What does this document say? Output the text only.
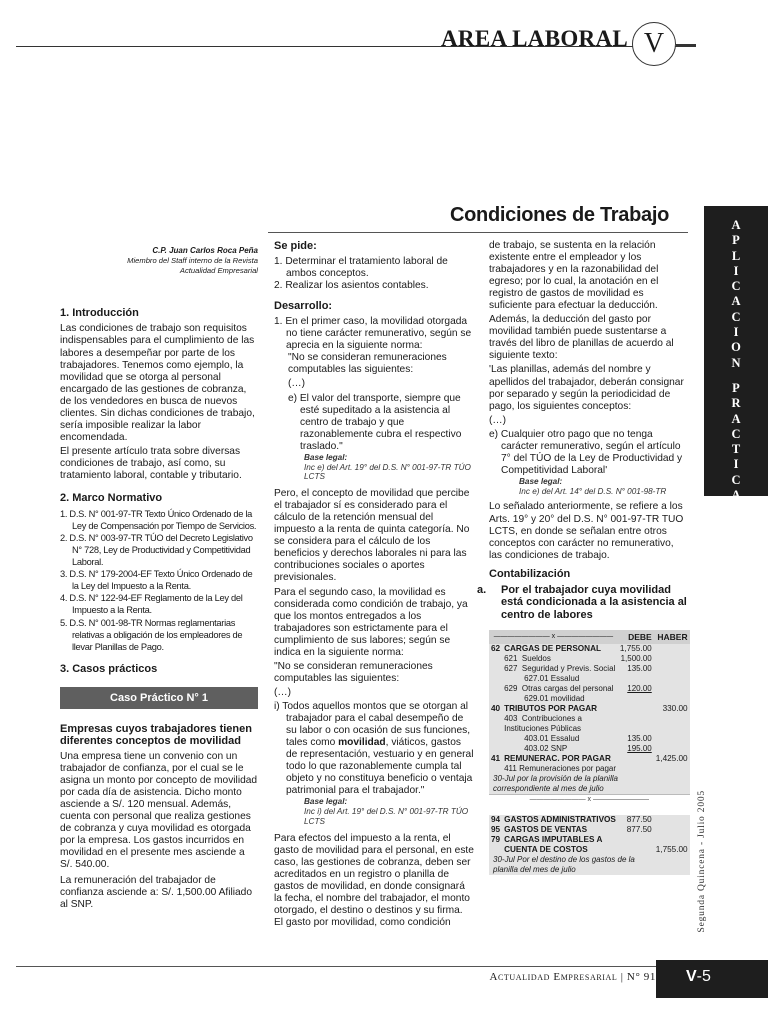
AREA LABORAL V
Condiciones de Trabajo	A
P
L
I
C
A
C
I
O
N
P
R
A
C
T
I
C
A
Segunda Quincena - Julio 2005
C.P. Juan Carlos Roca Peña
Miembro del Staff interno de la Revista Actualidad Empresarial
1. Introducción

Las condiciones de trabajo son requisitos indispensables para el cumplimiento de las labores a desempeñar por parte de los trabajadores. Tenemos como ejemplo, la movilidad que se otorga al personal encargado de las gestiones de cobranza, de los vendedores en busca de nuevos clientes. Sin dichas condiciones de trabajo, sería imposible realizar la labor encomendada.

El presente artículo trata sobre diversas condiciones de trabajo, así como, su tratamiento laboral, contable y tributario.

2. Marco Normativo
1. D.S. N° 001-97-TR Texto Único Ordenado de la Ley de Compensación por Tiempo de Servicios.
2. D.S. N° 003-97-TR TÚO del Decreto Legislativo N° 728, Ley de Productividad y Competitividad Laboral.
3. D.S. N° 179-2004-EF Texto Único Ordenado de la Ley del Impuesto a la Renta.
4. D.S. N° 122-94-EF Reglamento de la Ley del Impuesto a la Renta.
5. D.S. N° 001-98-TR Normas reglamentarias relativas a obligación de los empleadores de llevar Planillas de Pago.
3. Casos prácticos
Caso Práctico N° 1
Empresas cuyos trabajadores tienen diferentes conceptos de movilidad

Una empresa tiene un convenio con un trabajador de confianza, por el cual se le asigna un monto por concepto de movilidad por cada día de asistencia. Dicho monto asciende a S/. 120 mensual. Además, cuenta con personal que realiza gestiones de cobranza y cuya movilidad es otorgada por la empresa. Los gastos incurridos en movilidad en el presente mes asciende a S/. 540.00.

La remuneración del trabajador de confianza asciende a: S/. 1,500.00 Afiliado al SNP.

Se pide:
1. Determinar el tratamiento laboral de ambos conceptos.
2. Realizar los asientos contables.
Desarrollo:
1. En el primer caso, la movilidad otorgada no tiene carácter remunerativo, según se aprecia en la siguiente norma:

"No se consideran remuneraciones computables las siguientes:

(…)

e) El valor del transporte, siempre que esté supeditado a la asistencia al centro de trabajo y que razonablemente cubra el respectivo traslado."
Base legal:
Inc e) del Art. 19° del D.S. N° 001-97-TR TÚO LCTS

Pero, el concepto de movilidad que percibe el trabajador sí es considerado para el cálculo de la retención mensual del impuesto a la renta de quinta categoría. No se considera para el cálculo de los beneficios y derechos laborales ni para las contribuciones sociales o aportes previsionales.

Para el segundo caso, la movilidad es considerada como condición de trabajo, ya que los montos entregados a los trabajadores son estrictamente para el cumplimiento de sus labores; según se indica en la siguiente norma:

"No se consideran remuneraciones computables las siguientes:

(…)

i) Todos aquellos montos que se otorgan al trabajador para el cabal desempeño de su labor o con ocasión de sus funciones, tales como movilidad, viáticos, gastos de representación, vestuario y en general todo lo que razonablemente cumpla tal objeto y no constituya beneficio o ventaja patrimonial para el trabajador."
Base legal:
Inc i) del Art. 19° del D.S. N° 001-97-TR TÚO LCTS

Para efectos del impuesto a la renta, el gasto de movilidad para el personal, en este caso, las gestiones de cobranza, deben ser acreditados en un registro o planilla de gastos de movilidad, en donde consignará la fecha, el nombre del trabajador, el monto otorgado, el destino o destinos y su firma. El gasto por movilidad, como condición

de trabajo, se sustenta en la relación existente entre el empleador y los trabajadores y en la razonabilidad del egreso; por lo cual, la anotación en el registro de gastos de movilidad es suficiente para efectuar la deducción.

Además, la deducción del gasto por movilidad también puede sustentarse a través del libro de planillas de acuerdo al siguiente texto:

'Las planillas, además del nombre y apellidos del trabajador, deberán consignar por separado y según la periodicidad de pago, los siguientes conceptos:

(…)

e) Cualquier otro pago que no tenga carácter remunerativo, según el artículo 7° del TÚO de la Ley de Productividad y Competitividad Laboral'
Base legal:
Inc e) del Art. 14° del D.S. N° 001-98-TR

Lo señalado anteriormente, se refiere a los Arts. 19° y 20° del D.S. N° 001-97-TR TUO LCTS, en donde se señalan entre otros conceptos con carácter no remunerativo, las condiciones de trabajo.

Contabilización
a. Por el trabajador cuya movilidad está condicionada a la asistencia al centro de labores
———————— x ————————		DEBE	HABER
62	CARGAS DE PERSONAL	1,755.00	
	621 Sueldos	1,500.00	
	627 Seguridad y Previs. Social	135.00	
	627.01 Essalud		
	629 Otras cargas del personal	120.00	
	629.01 movilidad		
40	TRIBUTOS POR PAGAR		330.00
	403 Contribuciones a Instituciones Públicas		
	403.01 Essalud	135.00	
	403.02 SNP	195.00	
41	REMUNERAC. POR PAGAR		1,425.00
	411 Remuneraciones por pagar		
30-Jul por la provisión de la planilla correspondiente al mes de julio			
———————— x ————————			

94	GASTOS ADMINISTRATIVOS	877.50	
95	GASTOS DE VENTAS	877.50	
79	CARGAS IMPUTABLES A CUENTA DE COSTOS		1,755.00
30-Jul Por el destino de los gastos de la planilla del mes de julio			
Actualidad Empresarial | N° 91	V-5
